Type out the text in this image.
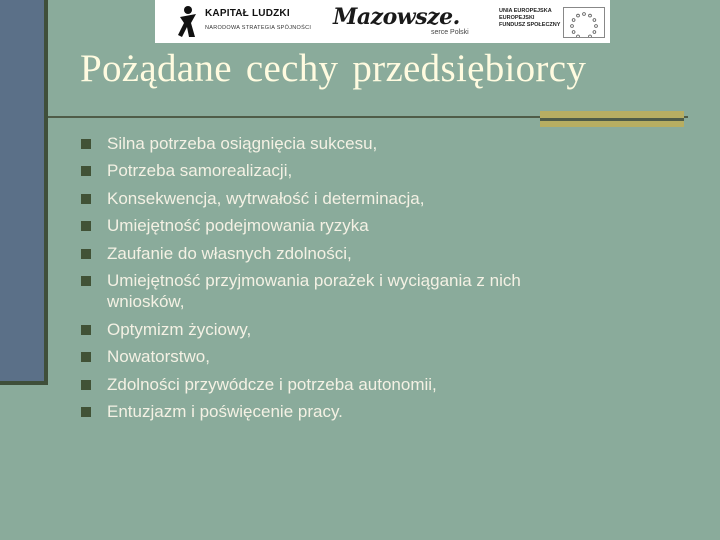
KAPITAŁ LUDZKI
NARODOWA STRATEGIA SPÓJNOŚCI Mazowsze.
serce Polski
UNIA EUROPEJSKA
EUROPEJSKI
FUNDUSZ SPOŁECZNY
Pożądane cechy przedsiębiorcy
Silna potrzeba osiągnięcia sukcesu,
Potrzeba samorealizacji,
Konsekwencja, wytrwałość i determinacja,
Umiejętność podejmowania ryzyka
Zaufanie do własnych zdolności,
Umiejętność przyjmowania porażek i wyciągania z nich wniosków,
Optymizm życiowy,
Nowatorstwo,
Zdolności przywódcze i potrzeba autonomii,
Entuzjazm i poświęcenie pracy.
